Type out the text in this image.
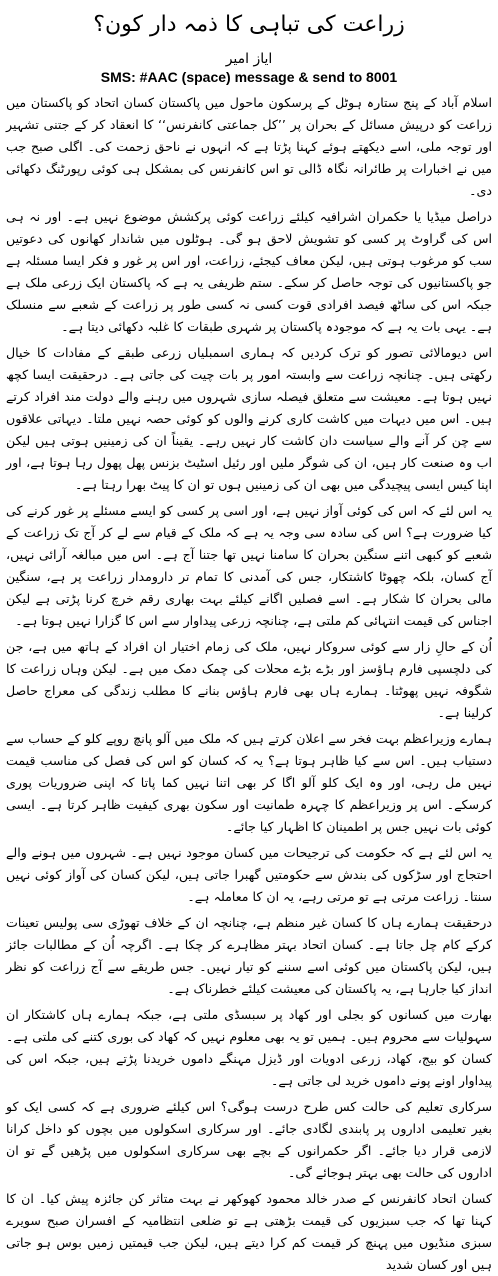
زراعت کی تباہی کا ذمہ دار کون؟
ایاز امیر
SMS: #AAC (space) message & send to 8001

اسلام آباد کے پنج ستارہ ہوٹل کے پرسکون ماحول میں پاکستان کسان اتحاد کو پاکستان میں زراعت کو درپیش مسائل کے بحران پر ’’کل جماعتی کانفرنس‘‘ کا انعقاد کر کے جتنی تشہیر اور توجہ ملی، اسے دیکھتے ہوئے کہنا پڑتا ہے کہ انہوں نے ناحق زحمت کی۔ اگلی صبح جب میں نے اخبارات پر طائرانہ نگاہ ڈالی تو اس کانفرنس کی بمشکل ہی کوئی رپورٹنگ دکھائی دی۔

دراصل میڈیا یا حکمران اشرافیہ کیلئے زراعت کوئی پرکشش موضوع نہیں ہے۔ اور نہ ہی اس کی گراوٹ پر کسی کو تشویش لاحق ہو گی۔ ہوٹلوں میں شاندار کھانوں کی دعوتیں سب کو مرغوب ہوتی ہیں، لیکن معاف کیجئے، زراعت، اور اس پر غور و فکر ایسا مسئلہ ہے جو پاکستانیوں کی توجہ حاصل کر سکے۔ ستم ظریفی یہ ہے کہ پاکستان ایک زرعی ملک ہے جبکہ اس کی ساٹھ فیصد افرادی قوت کسی نہ کسی طور پر زراعت کے شعبے سے منسلک ہے۔ یہی بات یہ ہے کہ موجودہ پاکستان پر شہری طبقات کا غلبہ دکھائی دیتا ہے۔

اس دیومالائی تصور کو ترک کردیں کہ ہماری اسمبلیاں زرعی طبقے کے مفادات کا خیال رکھتی ہیں۔ چنانچہ زراعت سے وابستہ امور پر بات چیت کی جاتی ہے۔ درحقیقت ایسا کچھ نہیں ہوتا ہے۔ معیشت سے متعلق فیصلہ سازی شہروں میں رہنے والے دولت مند افراد کرتے ہیں۔ اس میں دیہات میں کاشت کاری کرنے والوں کو کوئی حصہ نہیں ملتا۔ دیہاتی علاقوں سے چن کر آنے والے سیاست دان کاشت کار نہیں رہے۔ یقیناً ان کی زمینیں ہوتی ہیں لیکن اب وہ صنعت کار ہیں، ان کی شوگر ملیں اور رئیل اسٹیٹ بزنس پھل پھول رہا ہوتا ہے، اور اپنا کیس ایسی پیچیدگی میں بھی ان کی زمینیں ہوں تو ان کا پیٹ بھرا رہتا ہے۔

یہ اس لئے کہ اس کی کوئی آواز نہیں ہے، اور اسی پر کسی کو ایسے مسئلے پر غور کرنے کی کیا ضرورت ہے؟ اس کی سادہ سی وجہ یہ ہے کہ ملک کے قیام سے لے کر آج تک زراعت کے شعبے کو کبھی اتنے سنگین بحران کا سامنا نہیں تھا جتنا آج ہے۔ اس میں مبالغہ آرائی نہیں، آج کسان، بلکہ چھوٹا کاشتکار، جس کی آمدنی کا تمام تر دارومدار زراعت پر ہے، سنگین مالی بحران کا شکار ہے۔ اسے فصلیں اگانے کیلئے بہت بھاری رقم خرچ کرنا پڑتی ہے لیکن اجناس کی قیمت انتہائی کم ملتی ہے، چنانچہ زرعی پیداوار سے اس کا گزارا نہیں ہوتا ہے۔

اُن کے حالِ زار سے کوئی سروکار نہیں، ملک کی زمام اختیار ان افراد کے ہاتھ میں ہے، جن کی دلچسپی فارم ہاؤسز اور بڑے بڑے محلات کی چمک دمک میں ہے۔ لیکن وہاں زراعت کا شگوفہ نہیں پھوٹتا۔ ہمارے ہاں بھی فارم ہاؤس بنانے کا مطلب زندگی کی معراج حاصل کرلینا ہے۔

ہمارے وزیراعظم بہت فخر سے اعلان کرتے ہیں کہ ملک میں آلو پانچ روپے کلو کے حساب سے دستیاب ہیں۔ اس سے کیا ظاہر ہوتا ہے؟ یہ کہ کسان کو اس کی فصل کی مناسب قیمت نہیں مل رہی، اور وہ ایک کلو آلو اگا کر بھی اتنا نہیں کما پاتا کہ اپنی ضروریات پوری کرسکے۔ اس پر وزیراعظم کا چہرہ طمانیت اور سکون بھری کیفیت ظاہر کرتا ہے۔ ایسی کوئی بات نہیں جس پر اطمینان کا اظہار کیا جائے۔

یہ اس لئے ہے کہ حکومت کی ترجیحات میں کسان موجود نہیں ہے۔ شہروں میں ہونے والے احتجاج اور سڑکوں کی بندش سے حکومتیں گھبرا جاتی ہیں، لیکن کسان کی آواز کوئی نہیں سنتا۔ زراعت مرتی ہے تو مرتی رہے، یہ ان کا معاملہ ہے۔

درحقیقت ہمارے ہاں کا کسان غیر منظم ہے، چنانچہ ان کے خلاف تھوڑی سی پولیس تعینات کرکے کام چل جاتا ہے۔ کسان اتحاد بہتر مظاہرے کر چکا ہے۔ اگرچہ اُن کے مطالبات جائز ہیں، لیکن پاکستان میں کوئی اسے سننے کو تیار نہیں۔ جس طریقے سے آج زراعت کو نظر انداز کیا جارہا ہے، یہ پاکستان کی معیشت کیلئے خطرناک ہے۔

بھارت میں کسانوں کو بجلی اور کھاد پر سبسڈی ملتی ہے، جبکہ ہمارے ہاں کاشتکار ان سہولیات سے محروم ہیں۔ ہمیں تو یہ بھی معلوم نہیں کہ کھاد کی بوری کتنے کی ملتی ہے۔ کسان کو بیج، کھاد، زرعی ادویات اور ڈیزل مہنگے داموں خریدنا پڑتے ہیں، جبکہ اس کی پیداوار اونے پونے داموں خرید لی جاتی ہے۔

سرکاری تعلیم کی حالت کس طرح درست ہوگی؟ اس کیلئے ضروری ہے کہ کسی ایک کو بغیر تعلیمی اداروں پر پابندی لگادی جائے۔ اور سرکاری اسکولوں میں بچوں کو داخل کرانا لازمی قرار دیا جائے۔ اگر حکمرانوں کے بچے بھی سرکاری اسکولوں میں پڑھیں گے تو ان اداروں کی حالت بھی بہتر ہوجائے گی۔

کسان اتحاد کانفرنس کے صدر خالد محمود کھوکھر نے بہت متاثر کن جائزہ پیش کیا۔ ان کا کہنا تھا کہ جب سبزیوں کی قیمت بڑھتی ہے تو ضلعی انتظامیہ کے افسران صبح سویرے سبزی منڈیوں میں پہنچ کر قیمت کم کرا دیتے ہیں، لیکن جب قیمتیں زمیں بوس ہو جاتی ہیں اور کسان شدید
